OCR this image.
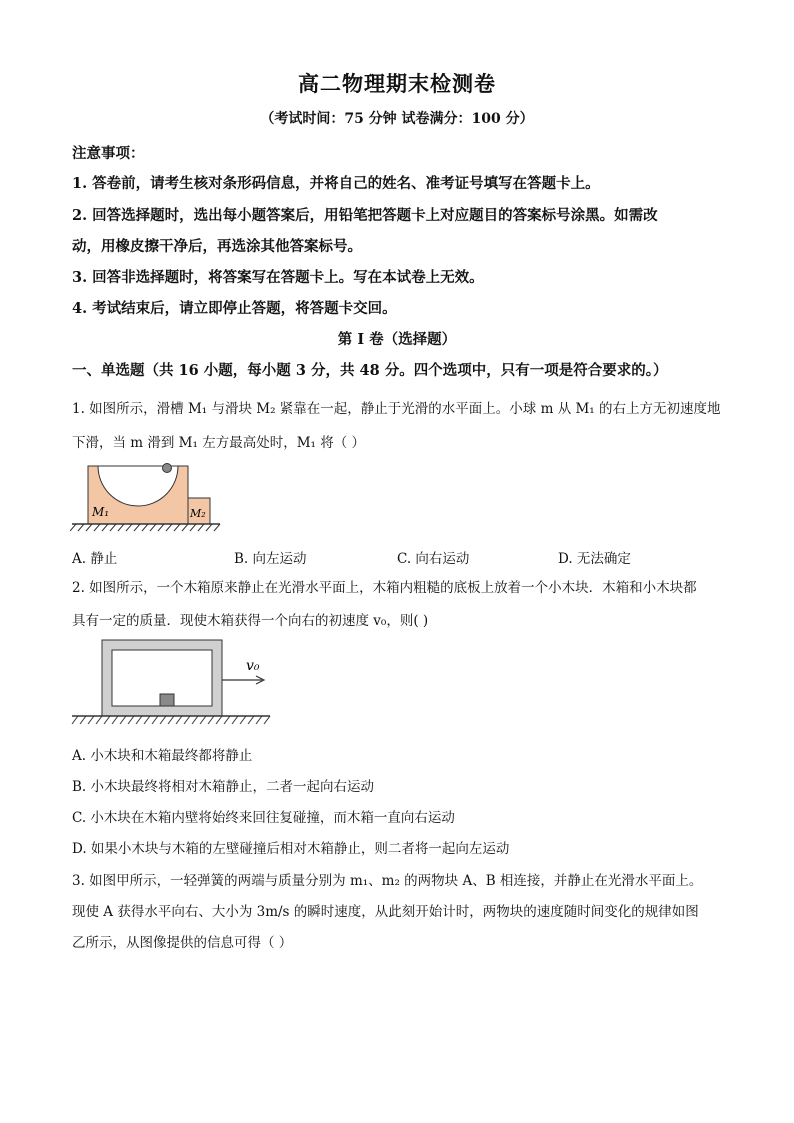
高二物理期末检测卷
（考试时间：75 分钟 试卷满分：100 分）
注意事项：
1. 答卷前，请考生核对条形码信息，并将自己的姓名、准考证号填写在答题卡上。
2. 回答选择题时，选出每小题答案后，用铅笔把答题卡上对应题目的答案标号涂黑。如需改
动，用橡皮擦干净后，再选涂其他答案标号。
3. 回答非选择题时，将答案写在答题卡上。写在本试卷上无效。
4. 考试结束后，请立即停止答题，将答题卡交回。
第 I 卷（选择题）
一、单选题（共 16 小题，每小题 3 分，共 48 分。四个选项中，只有一项是符合要求的。）
1. 如图所示，滑槽 M₁ 与滑块 M₂ 紧靠在一起，静止于光滑的水平面上。小球 m 从 M₁ 的右上方无初速度地
下滑，当 m 滑到 M₁ 左方最高处时，M₁ 将（ ）
M₁	M₂
A. 静止	B. 向左运动	C. 向右运动	D. 无法确定
2. 如图所示，一个木箱原来静止在光滑水平面上，木箱内粗糙的底板上放着一个小木块．木箱和小木块都
具有一定的质量．现使木箱获得一个向右的初速度 v₀，则( )
v₀
A. 小木块和木箱最终都将静止
B. 小木块最终将相对木箱静止，二者一起向右运动
C. 小木块在木箱内壁将始终来回往复碰撞，而木箱一直向右运动
D. 如果小木块与木箱的左壁碰撞后相对木箱静止，则二者将一起向左运动
3. 如图甲所示，一轻弹簧的两端与质量分别为 m₁、m₂ 的两物块 A、B 相连接，并静止在光滑水平面上。
现使 A 获得水平向右、大小为 3m/s 的瞬时速度，从此刻开始计时，两物块的速度随时间变化的规律如图
乙所示，从图像提供的信息可得（ ）
